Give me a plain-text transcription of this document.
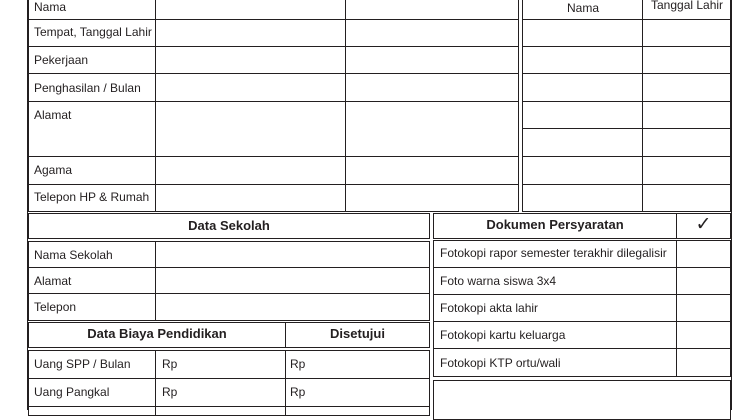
Nama
Tempat, Tanggal Lahir
Pekerjaan
Penghasilan / Bulan
Alamat
Agama
Telepon HP & Rumah
Nama	Tanggal Lahir
Data Sekolah
Nama Sekolah
Alamat
Telepon
Data Biaya Pendidikan	Disetujui
Uang SPP / Bulan	Rp	Rp
Uang Pangkal	Rp	Rp
Dokumen Persyaratan	✓
Fotokopi rapor semester terakhir dilegalisir
Foto warna siswa 3x4
Fotokopi akta lahir
Fotokopi kartu keluarga
Fotokopi KTP ortu/wali
